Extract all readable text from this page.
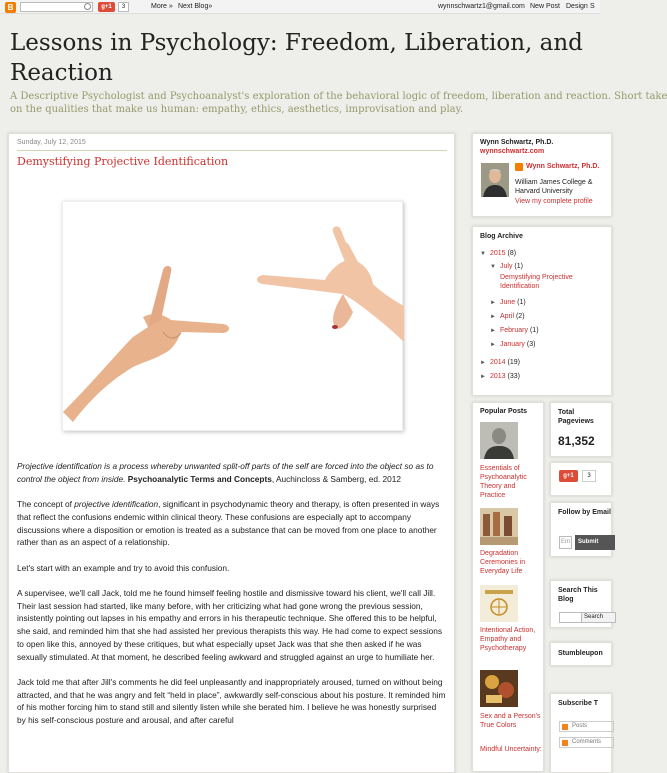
B	g+1	3	More » Next Blog»	wynnschwartz1@gmail.com New Post Design S
Lessons in Psychology: Freedom, Liberation, and Reaction
A Descriptive Psychologist and Psychoanalyst's exploration of the behavioral logic of freedom, liberation and reaction. Short take
on the qualities that make us human: empathy, ethics, aesthetics, improvisation and play.
Sunday, July 12, 2015
Demystifying Projective Identification

Projective identification is a process whereby unwanted split-off parts of the self are forced into the object so as to control the object from inside. Psychoanalytic Terms and Concepts, Auchincloss & Samberg, ed. 2012

The concept of projective identification, significant in psychodynamic theory and therapy, is often presented in ways that reflect the confusions endemic within clinical theory. These confusions are especially apt to accompany discussions where a disposition or emotion is treated as a substance that can be moved from one place to another rather than as an aspect of a relationship.

Let's start with an example and try to avoid this confusion.

A supervisee, we'll call Jack, told me he found himself feeling hostile and dismissive toward his client, we'll call Jill. Their last session had started, like many before, with her criticizing what had gone wrong the previous session, insistently pointing out lapses in his empathy and errors in his therapeutic technique. She offered this to be helpful, she said, and reminded him that she had assisted her previous therapists this way. He had come to expect sessions to open like this, annoyed by these critiques, but what especially upset Jack was that she then asked if he was sexually stimulated. At that moment, he described feeling awkward and struggled against an urge to humiliate her.

Jack told me that after Jill's comments he did feel unpleasantly and inappropriately aroused, turned on without being attracted, and that he was angry and felt “held in place”, awkwardly self-conscious about his posture. It reminded him of his mother forcing him to stand still and silently listen while she berated him. I believe he was honestly surprised by his self-conscious posture and arousal, and after careful

Wynn Schwartz, Ph.D.
wynnschwartz.com
Wynn Schwartz, Ph.D.
William James College & Harvard University
View my complete profile
Blog Archive
▼ 2015 (8)
▼ July (1)
Demystifying Projective Identification
► June (1)
► April (2)
► February (1)
► January (3)
► 2014 (19)
► 2013 (33)
Popular Posts
Essentials of Psychoanalytic Theory and Practice
Degradation Ceremonies in Everyday Life
Intentional Action, Empathy and Psychotherapy
Sex and a Person's True Colors
Mindful Uncertainty:
Total Pageviews
81,352
g+1	3
Follow by Email
Em	Submit
Search This Blog
Search
Stumbleupon
Subscribe T
Posts
Comments
